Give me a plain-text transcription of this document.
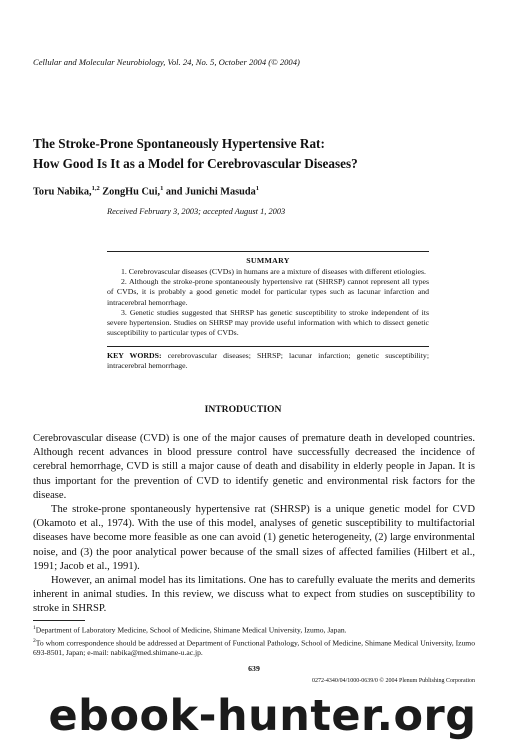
Cellular and Molecular Neurobiology, Vol. 24, No. 5, October 2004 (© 2004)
The Stroke-Prone Spontaneously Hypertensive Rat:
How Good Is It as a Model for Cerebrovascular Diseases?
Toru Nabika,$^{1,2}$ ZongHu Cui,$^1$ and Junichi Masuda$^1$
Received February 3, 2003; accepted August 1, 2003
SUMMARY

1. Cerebrovascular diseases (CVDs) in humans are a mixture of diseases with different etiologies.

2. Although the stroke-prone spontaneously hypertensive rat (SHRSP) cannot represent all types of CVDs, it is probably a good genetic model for particular types such as lacunar infarction and intracerebral hemorrhage.

3. Genetic studies suggested that SHRSP has genetic susceptibility to stroke independent of its severe hypertension. Studies on SHRSP may provide useful information with which to dissect genetic susceptibility to particular types of CVDs.

KEY WORDS: cerebrovascular diseases; SHRSP; lacunar infarction; genetic susceptibility; intracerebral hemorrhage.
INTRODUCTION

Cerebrovascular disease (CVD) is one of the major causes of premature death in developed countries. Although recent advances in blood pressure control have successfully decreased the incidence of cerebral hemorrhage, CVD is still a major cause of death and disability in elderly people in Japan. It is thus important for the prevention of CVD to identify genetic and environmental risk factors for the disease.

The stroke-prone spontaneously hypertensive rat (SHRSP) is a unique genetic model for CVD (Okamoto et al., 1974). With the use of this model, analyses of genetic susceptibility to multifactorial diseases have become more feasible as one can avoid (1) genetic heterogeneity, (2) large environmental noise, and (3) the poor analytical power because of the small sizes of affected families (Hilbert et al., 1991; Jacob et al., 1991).

However, an animal model has its limitations. One has to carefully evaluate the merits and demerits inherent in animal studies. In this review, we discuss what to expect from studies on susceptibility to stroke in SHRSP.

$^1$Department of Laboratory Medicine, School of Medicine, Shimane Medical University, Izumo, Japan.

$^2$To whom correspondence should be addressed at Department of Functional Pathology, School of Medicine, Shimane Medical University, Izumo 693-8501, Japan; e-mail: nabika@med.shimane-u.ac.jp.

639
0272-4340/04/1000-0639/0 © 2004 Plenum Publishing Corporation
ebook-hunter.org
